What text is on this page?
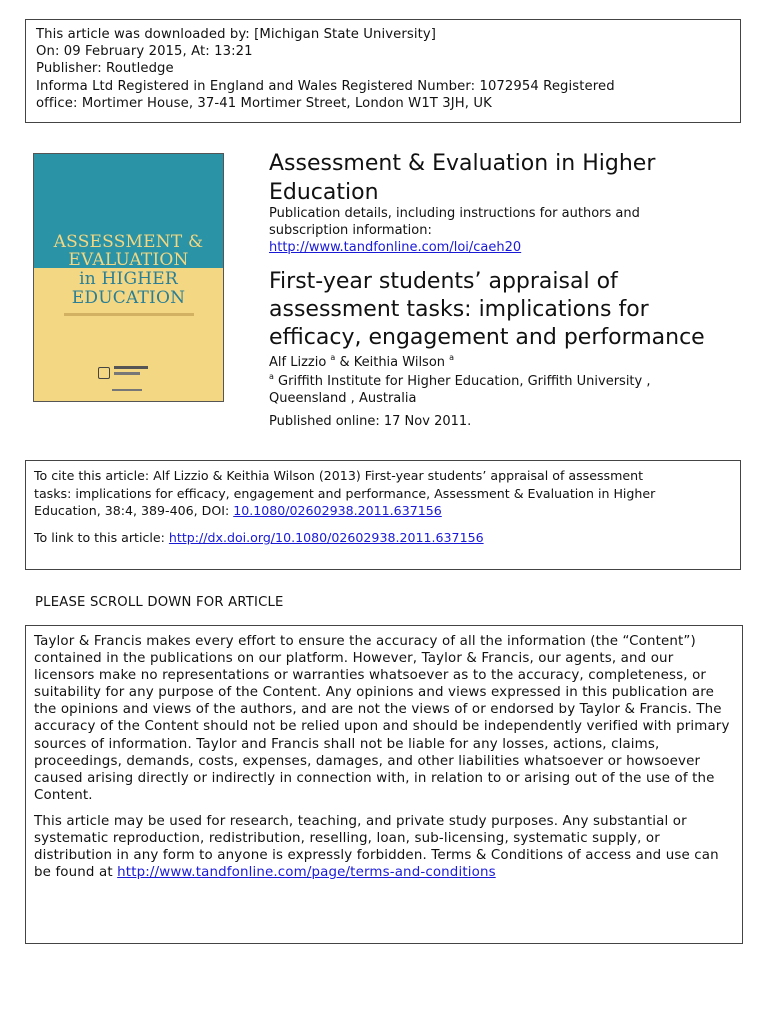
This article was downloaded by: [Michigan State University]
On: 09 February 2015, At: 13:21
Publisher: Routledge
Informa Ltd Registered in England and Wales Registered Number: 1072954 Registered
office: Mortimer House, 37-41 Mortimer Street, London W1T 3JH, UK
ASSESSMENT &
EVALUATION
in HIGHER
EDUCATION
Assessment & Evaluation in Higher
Education
Publication details, including instructions for authors and
subscription information:
http://www.tandfonline.com/loi/caeh20
First-year students’ appraisal of
assessment tasks: implications for
efficacy, engagement and performance
Alf Lizzio $^a$ & Keithia Wilson $^a$
$^a$ Griffith Institute for Higher Education, Griffith University ,
Queensland , Australia
Published online: 17 Nov 2011.
To cite this article: Alf Lizzio & Keithia Wilson (2013) First-year students’ appraisal of assessment
tasks: implications for efficacy, engagement and performance, Assessment & Evaluation in Higher
Education, 38:4, 389-406, DOI: 10.1080/02602938.2011.637156
To link to this article: http://dx.doi.org/10.1080/02602938.2011.637156
PLEASE SCROLL DOWN FOR ARTICLE

Taylor & Francis makes every effort to ensure the accuracy of all the information (the “Content”) contained in the publications on our platform. However, Taylor & Francis, our agents, and our licensors make no representations or warranties whatsoever as to the accuracy, completeness, or suitability for any purpose of the Content. Any opinions and views expressed in this publication are the opinions and views of the authors, and are not the views of or endorsed by Taylor & Francis. The accuracy of the Content should not be relied upon and should be independently verified with primary sources of information. Taylor and Francis shall not be liable for any losses, actions, claims, proceedings, demands, costs, expenses, damages, and other liabilities whatsoever or howsoever caused arising directly or indirectly in connection with, in relation to or arising out of the use of the Content.

This article may be used for research, teaching, and private study purposes. Any substantial or systematic reproduction, redistribution, reselling, loan, sub-licensing, systematic supply, or distribution in any form to anyone is expressly forbidden. Terms & Conditions of access and use can be found at http://www.tandfonline.com/page/terms-and-conditions
